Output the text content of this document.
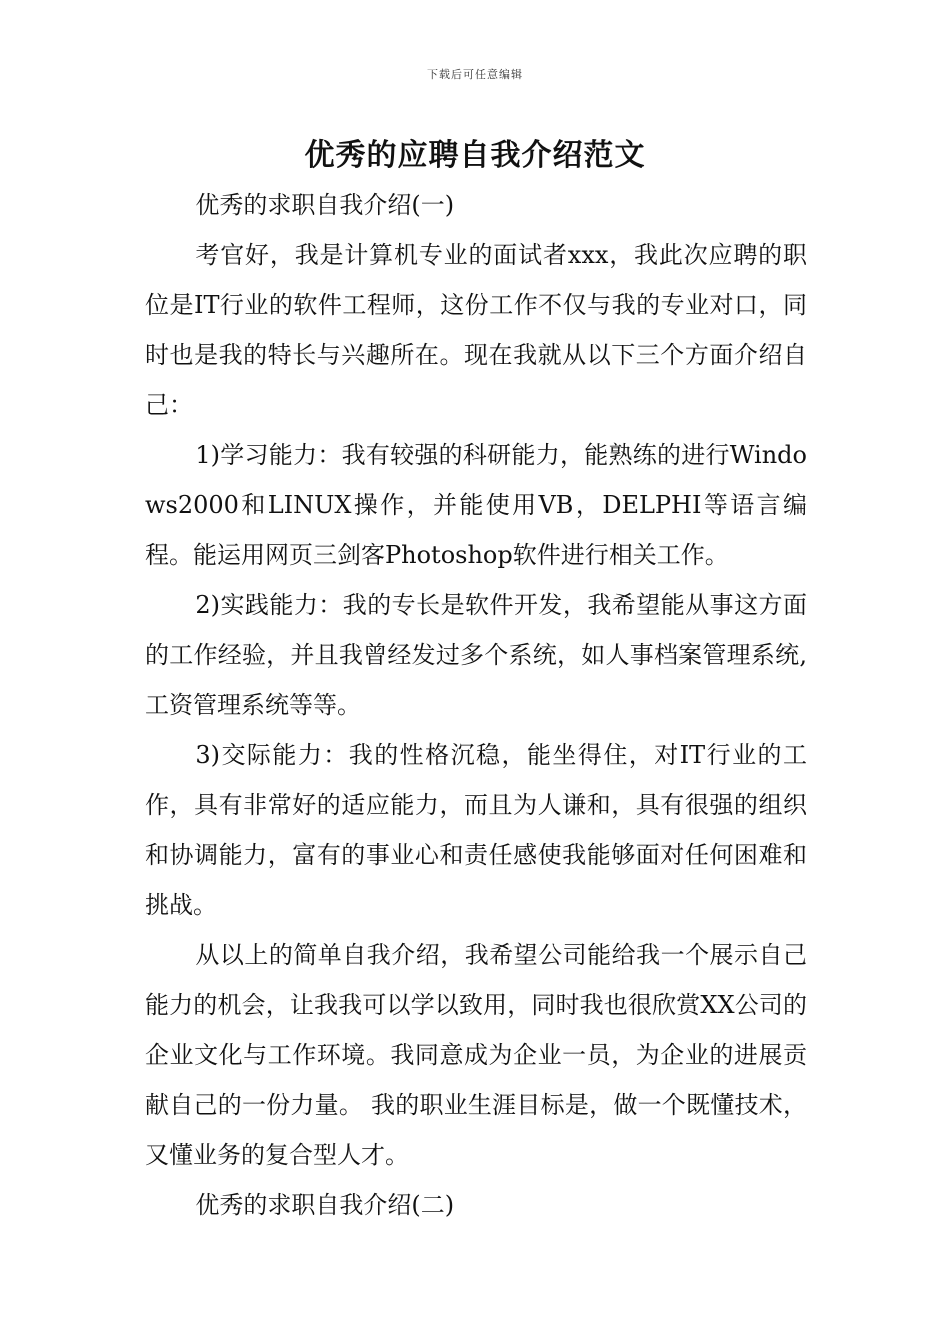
下载后可任意编辑
优秀的应聘自我介绍范文

优秀的求职自我介绍(一)

考官好，我是计算机专业的面试者xxx，我此次应聘的职位是IT行业的软件工程师，这份工作不仅与我的专业对口，同时也是我的特长与兴趣所在。现在我就从以下三个方面介绍自己：

1)学习能力：我有较强的科研能力，能熟练的进行Windows2000和LINUX操作，并能使用VB，DELPHI等语言编程。能运用网页三剑客Photoshop软件进行相关工作。

2)实践能力：我的专长是软件开发，我希望能从事这方面的工作经验，并且我曾经发过多个系统，如人事档案管理系统,工资管理系统等等。

3)交际能力：我的性格沉稳，能坐得住，对IT行业的工作，具有非常好的适应能力，而且为人谦和，具有很强的组织和协调能力，富有的事业心和责任感使我能够面对任何困难和挑战。

从以上的简单自我介绍，我希望公司能给我一个展示自己能力的机会，让我我可以学以致用，同时我也很欣赏XX公司的企业文化与工作环境。我同意成为企业一员，为企业的进展贡献自己的一份力量。 我的职业生涯目标是，做一个既懂技术，又懂业务的复合型人才。

优秀的求职自我介绍(二)
